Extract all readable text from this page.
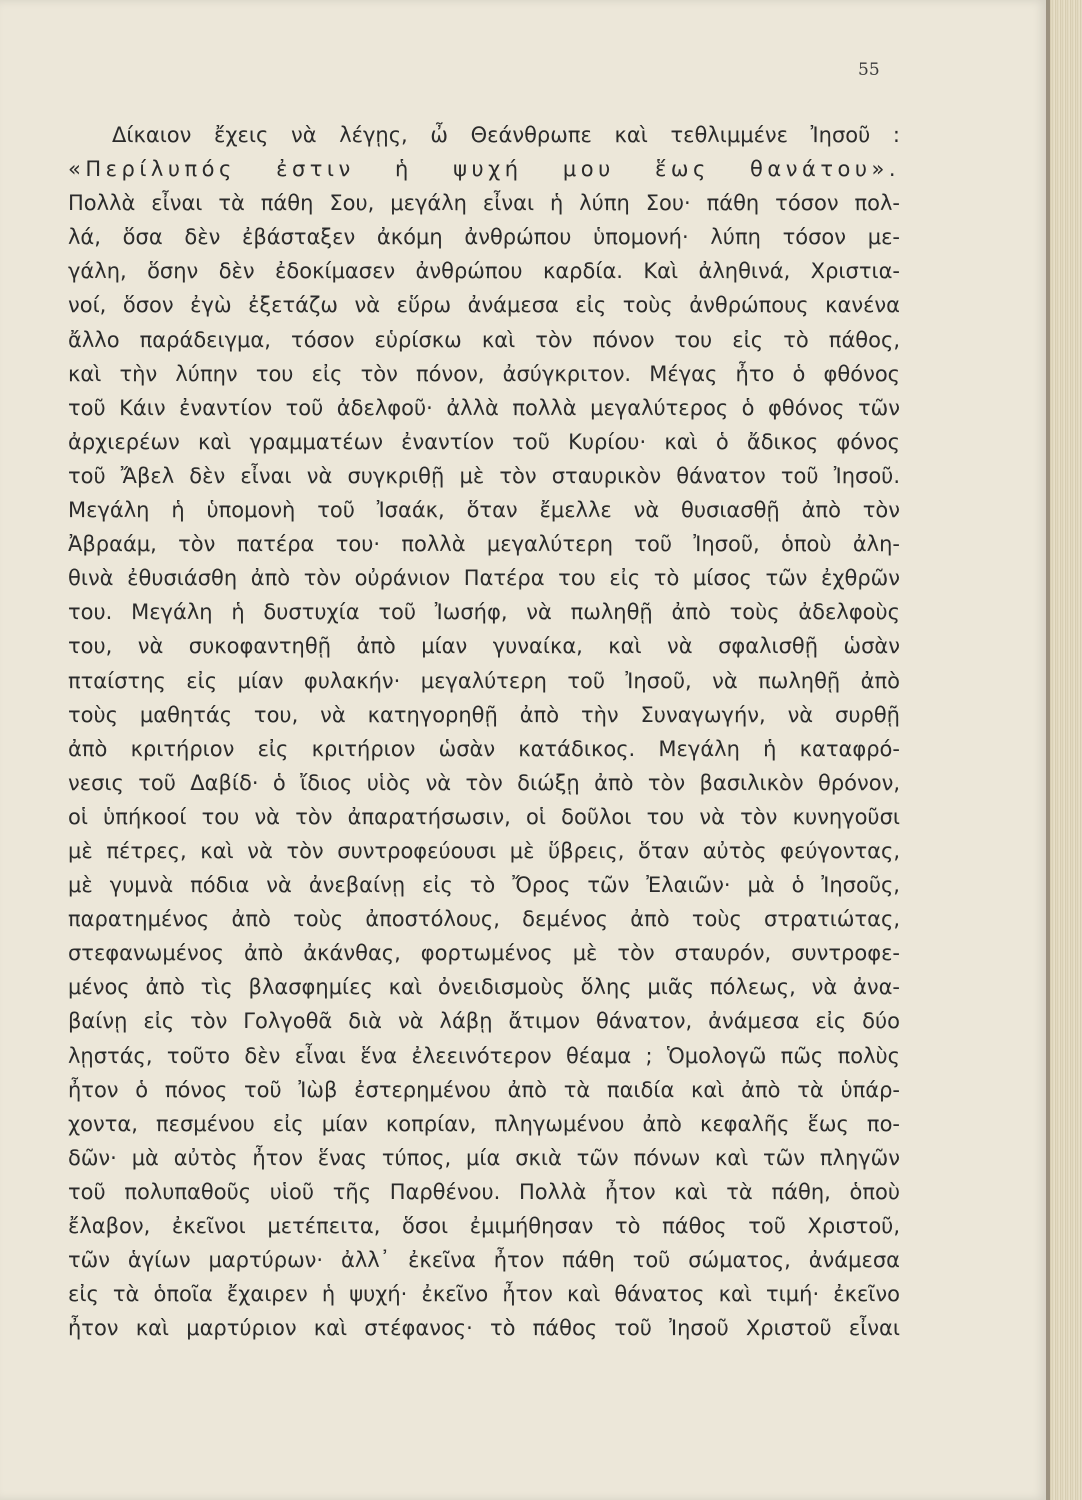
55
Δίκαιον ἔχεις νὰ λέγῃς, ὦ Θεάνθρωπε καὶ τεθλιμμένε Ἰησοῦ :
«Περίλυπός ἐστιν ἡ ψυχή μου ἕως θανάτου».
Πολλὰ εἶναι τὰ πάθη Σου, μεγάλη εἶναι ἡ λύπη Σου· πάθη τόσον πολ-
λά, ὅσα δὲν ἐβάσταξεν ἀκόμη ἀνθρώπου ὑπομονή· λύπη τόσον με-
γάλη, ὅσην δὲν ἐδοκίμασεν ἀνθρώπου καρδία. Καὶ ἀληθινά, Χριστια-
νοί, ὅσον ἐγὼ ἐξετάζω νὰ εὕρω ἀνάμεσα εἰς τοὺς ἀνθρώπους κανένα
ἄλλο παράδειγμα, τόσον εὑρίσκω καὶ τὸν πόνον του εἰς τὸ πάθος,
καὶ τὴν λύπην του εἰς τὸν πόνον, ἀσύγκριτον. Μέγας ἦτο ὁ φθόνος
τοῦ Κάιν ἐναντίον τοῦ ἀδελφοῦ· ἀλλὰ πολλὰ μεγαλύτερος ὁ φθόνος τῶν
ἀρχιερέων καὶ γραμματέων ἐναντίον τοῦ Κυρίου· καὶ ὁ ἄδικος φόνος
τοῦ Ἄβελ δὲν εἶναι νὰ συγκριθῇ μὲ τὸν σταυρικὸν θάνατον τοῦ Ἰησοῦ.
Μεγάλη ἡ ὑπομονὴ τοῦ Ἰσαάκ, ὅταν ἔμελλε νὰ θυσιασθῇ ἀπὸ τὸν
Ἀβραάμ, τὸν πατέρα του· πολλὰ μεγαλύτερη τοῦ Ἰησοῦ, ὁποὺ ἀλη-
θινὰ ἐθυσιάσθη ἀπὸ τὸν οὐράνιον Πατέρα του εἰς τὸ μίσος τῶν ἐχθρῶν
του. Μεγάλη ἡ δυστυχία τοῦ Ἰωσήφ, νὰ πωληθῇ ἀπὸ τοὺς ἀδελφοὺς
του, νὰ συκοφαντηθῇ ἀπὸ μίαν γυναίκα, καὶ νὰ σφαλισθῇ ὡσὰν
πταίστης εἰς μίαν φυλακήν· μεγαλύτερη τοῦ Ἰησοῦ, νὰ πωληθῇ ἀπὸ
τοὺς μαθητάς του, νὰ κατηγορηθῇ ἀπὸ τὴν Συναγωγήν, νὰ συρθῇ
ἀπὸ κριτήριον εἰς κριτήριον ὡσὰν κατάδικος. Μεγάλη ἡ καταφρό-
νεσις τοῦ Δαβίδ· ὁ ἴδιος υἱὸς νὰ τὸν διώξῃ ἀπὸ τὸν βασιλικὸν θρόνον,
οἱ ὑπήκοοί του νὰ τὸν ἀπαρατήσωσιν, οἱ δοῦλοι του νὰ τὸν κυνηγοῦσι
μὲ πέτρες, καὶ νὰ τὸν συντροφεύουσι μὲ ὕβρεις, ὅταν αὐτὸς φεύγοντας,
μὲ γυμνὰ πόδια νὰ ἀνεβαίνῃ εἰς τὸ Ὄρος τῶν Ἐλαιῶν· μὰ ὁ Ἰησοῦς,
παρατημένος ἀπὸ τοὺς ἀποστόλους, δεμένος ἀπὸ τοὺς στρατιώτας,
στεφανωμένος ἀπὸ ἀκάνθας, φορτωμένος μὲ τὸν σταυρόν, συντροφε-
μένος ἀπὸ τὶς βλασφημίες καὶ ὀνειδισμοὺς ὅλης μιᾶς πόλεως, νὰ ἀνα-
βαίνῃ εἰς τὸν Γολγοθᾶ διὰ νὰ λάβῃ ἄτιμον θάνατον, ἀνάμεσα εἰς δύο
λῃστάς, τοῦτο δὲν εἶναι ἕνα ἐλεεινότερον θέαμα ; Ὁμολογῶ πῶς πολὺς
ἦτον ὁ πόνος τοῦ Ἰὼβ ἐστερημένου ἀπὸ τὰ παιδία καὶ ἀπὸ τὰ ὑπάρ-
χοντα, πεσμένου εἰς μίαν κοπρίαν, πληγωμένου ἀπὸ κεφαλῆς ἕως πο-
δῶν· μὰ αὐτὸς ἦτον ἕνας τύπος, μία σκιὰ τῶν πόνων καὶ τῶν πληγῶν
τοῦ πολυπαθοῦς υἱοῦ τῆς Παρθένου. Πολλὰ ἦτον καὶ τὰ πάθη, ὁποὺ
ἔλαβον, ἐκεῖνοι μετέπειτα, ὅσοι ἐμιμήθησαν τὸ πάθος τοῦ Χριστοῦ,
τῶν ἁγίων μαρτύρων· ἀλλ᾽ ἐκεῖνα ἦτον πάθη τοῦ σώματος, ἀνάμεσα
εἰς τὰ ὁποῖα ἔχαιρεν ἡ ψυχή· ἐκεῖνο ἦτον καὶ θάνατος καὶ τιμή· ἐκεῖνο
ἦτον καὶ μαρτύριον καὶ στέφανος· τὸ πάθος τοῦ Ἰησοῦ Χριστοῦ εἶναι
